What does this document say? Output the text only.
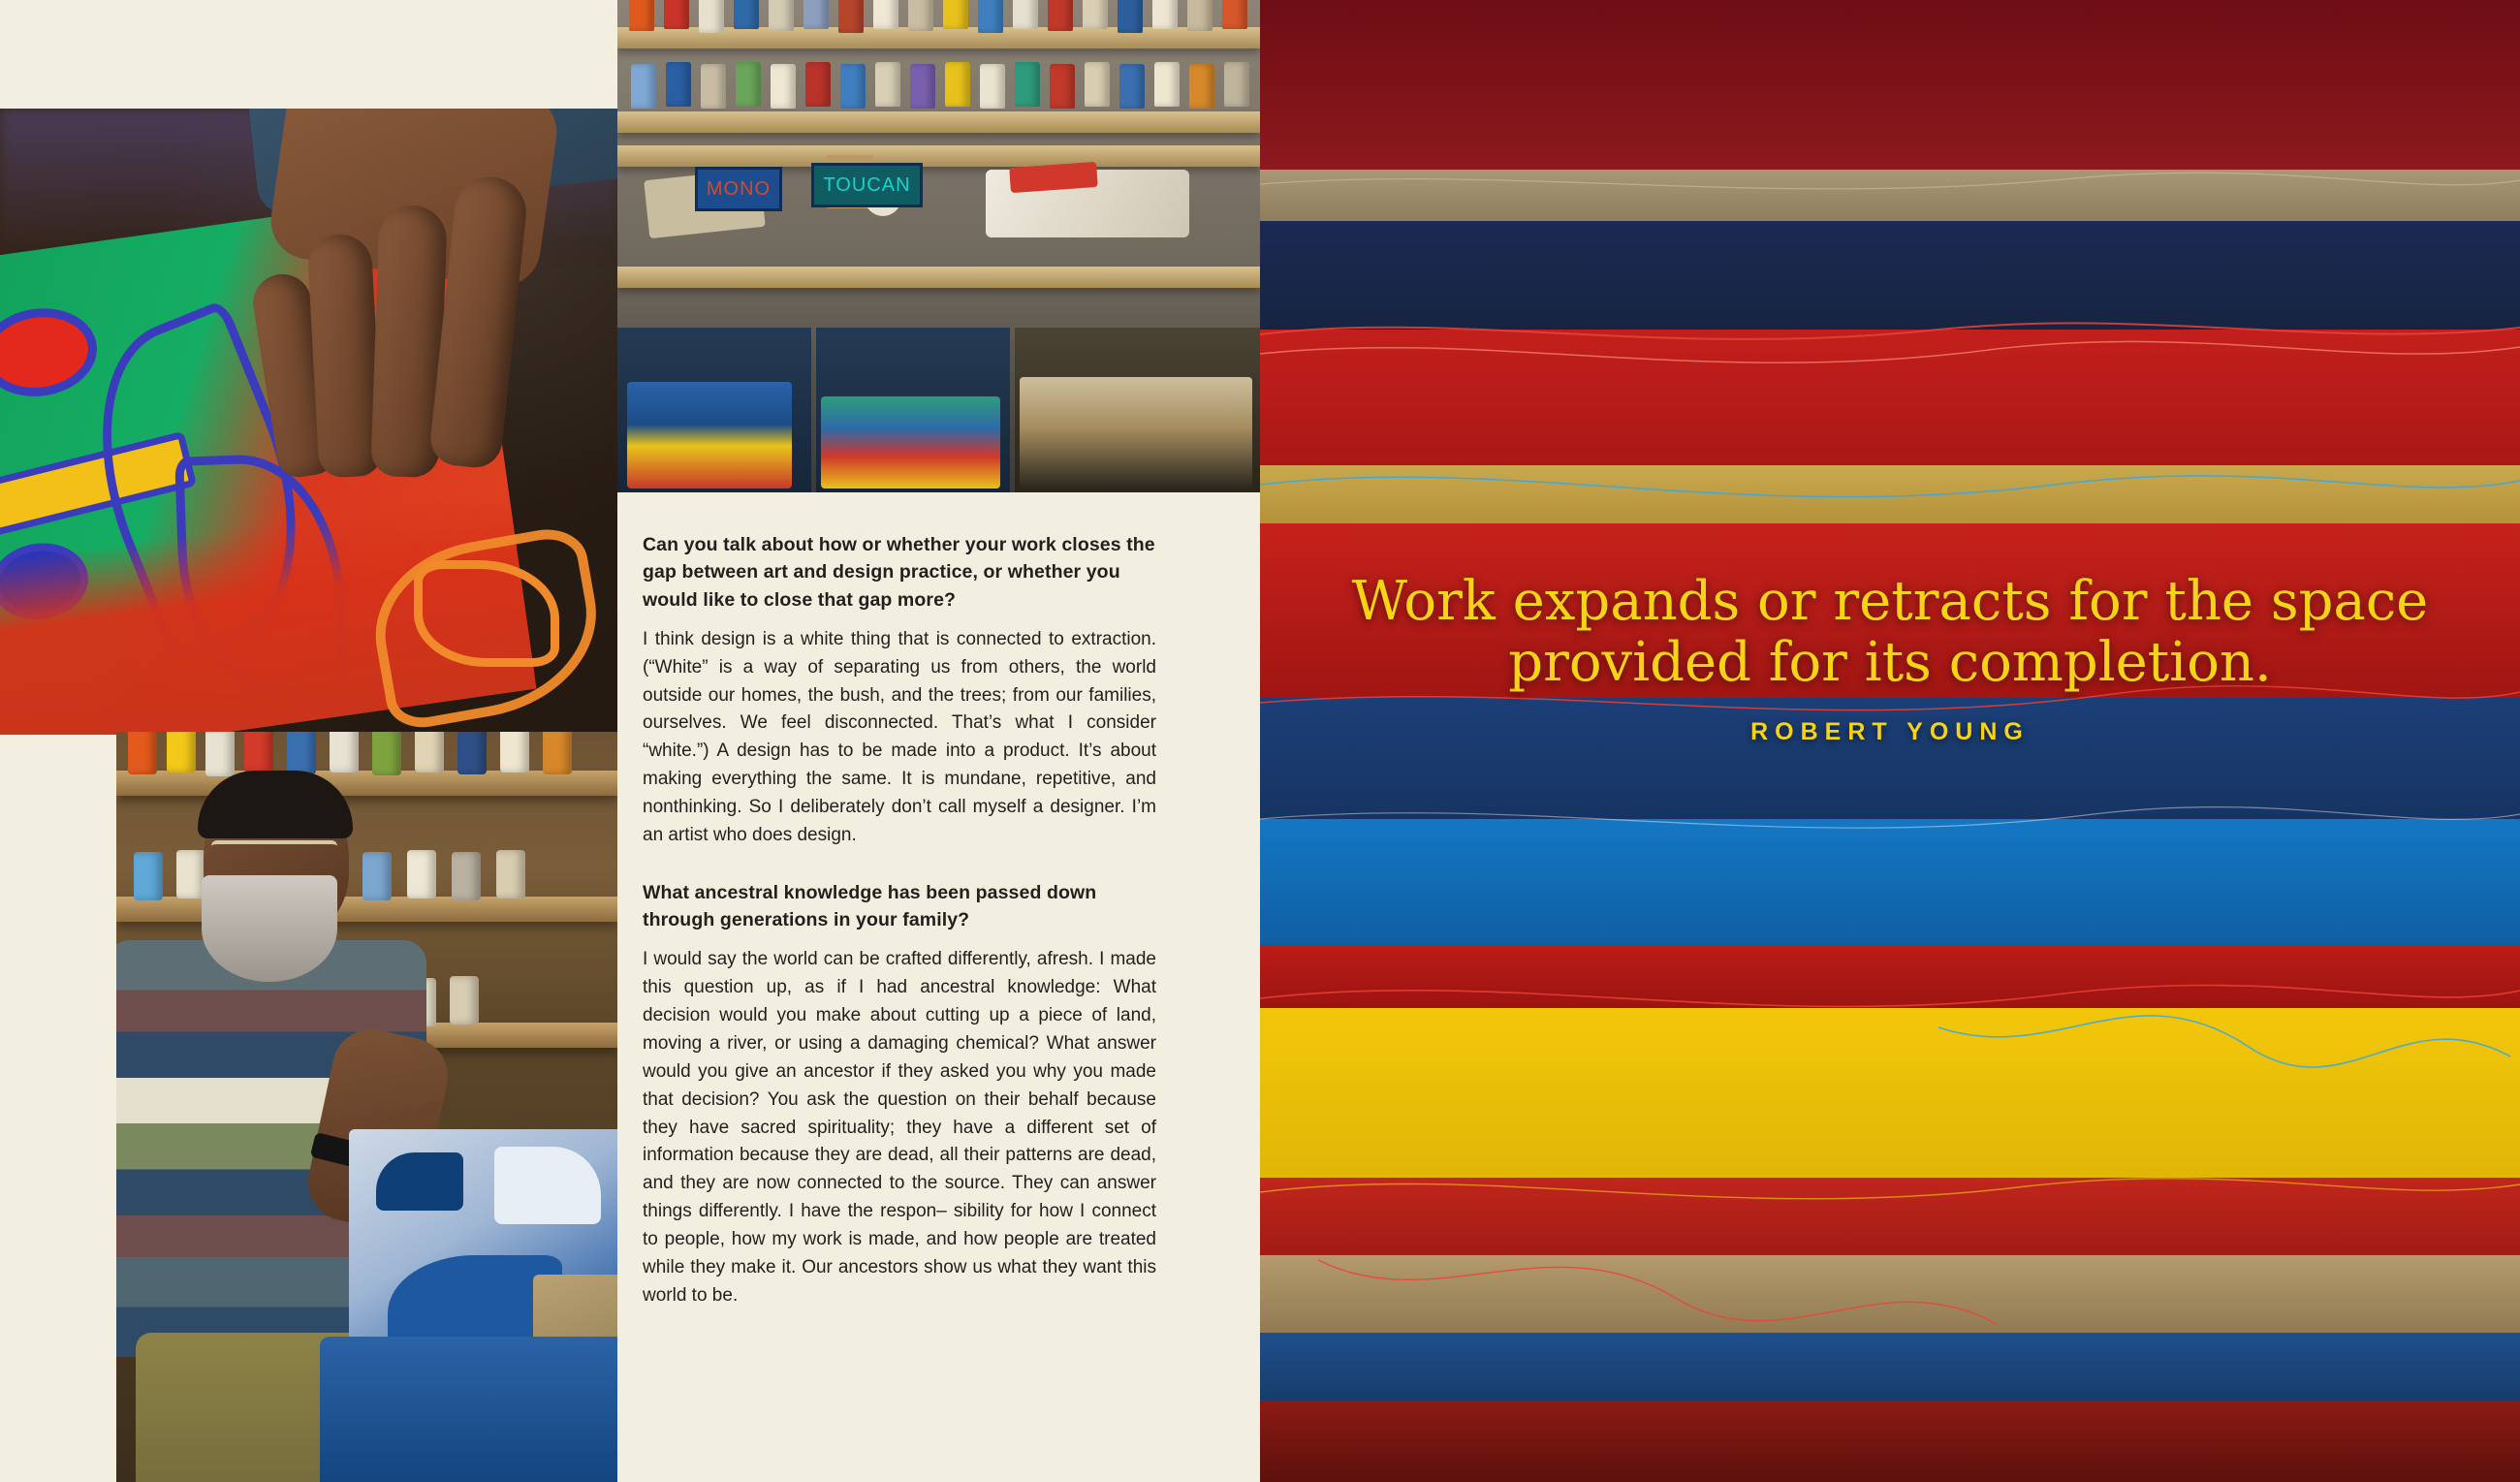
MONO	TOUCAN

Can you talk about how or whether your work closes the gap between art and design practice, or whether you would like to close that gap more?

I think design is a white thing that is connected to extraction. (“White” is a way of separating us from others, the world outside our homes, the bush, and the trees; from our families, ourselves. We feel disconnected. That’s what I consider “white.”) A design has to be made into a product. It’s about making everything the same. It is mundane, repetitive, and nonthinking. So I deliberately don’t call myself a designer. I’m an artist who does design.

What ancestral knowledge has been passed down through generations in your family?

I would say the world can be crafted differently, afresh. I made this question up, as if I had ancestral knowledge: What decision would you make about cutting up a piece of land, moving a river, or using a damaging chemical? What answer would you give an ancestor if they asked you why you made that decision? You ask the question on their behalf because they have sacred spirituality; they have a different set of information because they are dead, all their patterns are dead, and they are now connected to the source. They can answer things differently. I have the respon– sibility for how I connect to people, how my work is made, and how people are treated while they make it. Our ancestors show us what they want this world to be.

Work expands or retracts for the space provided for its completion.
ROBERT YOUNG
